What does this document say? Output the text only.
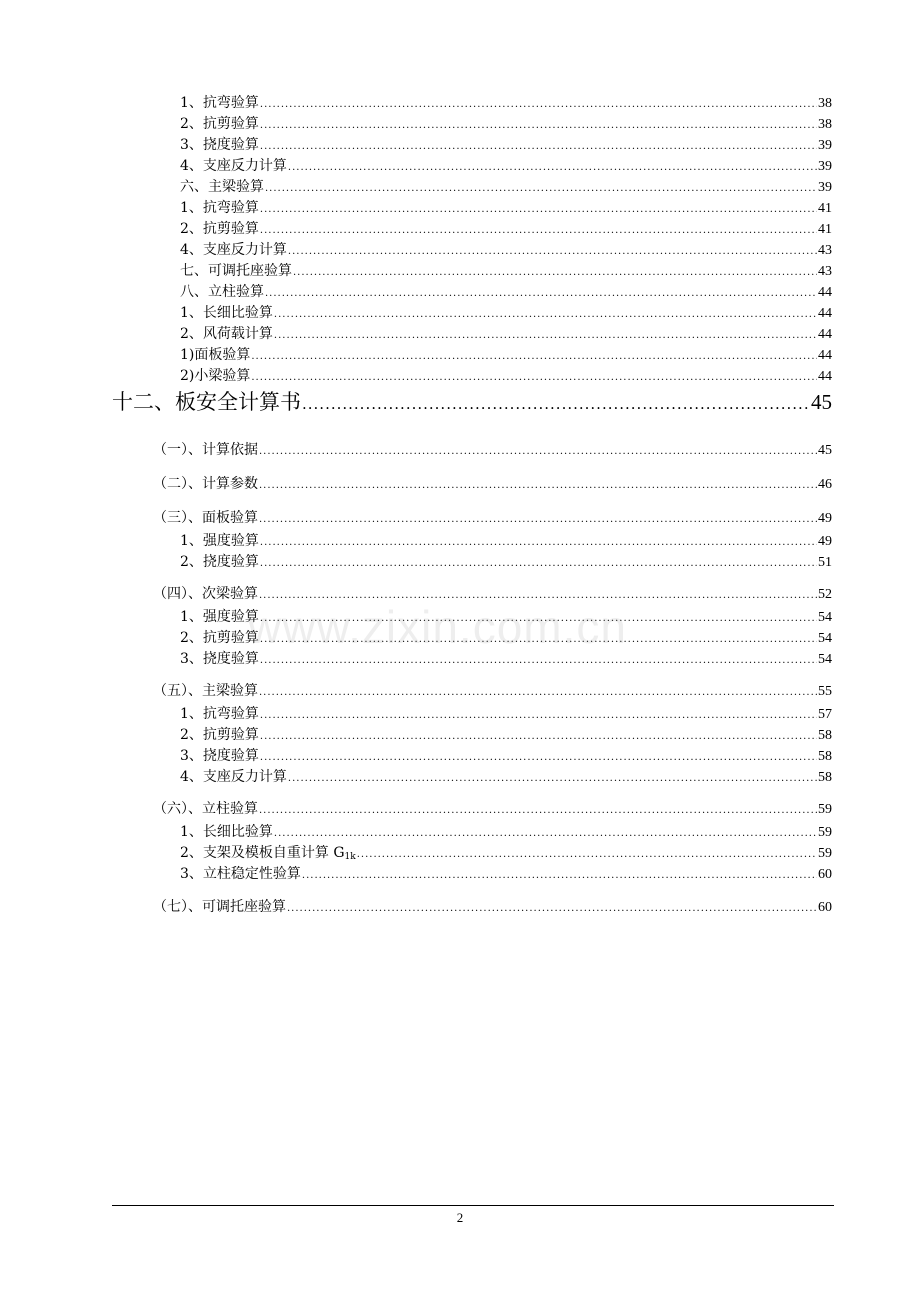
1、抗弯验算 .....	38
2、抗剪验算 .....	38
3、挠度验算 .....	39
4、支座反力计算 .....	39
六、主梁验算 .....	39
1、抗弯验算 .....	41
2、抗剪验算 .....	41
4、支座反力计算 .....	43
七、可调托座验算 .....	43
八、立柱验算 .....	44
1、长细比验算 .....	44
2、风荷载计算 .....	44
1)面板验算 .....	44
2)小梁验算 .....	44
十二、板安全计算书 .....	45
（一）、计算依据 .....	45
（二）、计算参数 .....	46
（三）、面板验算 .....	49
1、强度验算 .....	49
2、挠度验算 .....	51
（四）、次梁验算 .....	52
1、强度验算 .....	54
2、抗剪验算 .....	54
3、挠度验算 .....	54
（五）、主梁验算 .....	55
1、抗弯验算 .....	57
2、抗剪验算 .....	58
3、挠度验算 .....	58
4、支座反力计算 .....	58
（六）、立柱验算 .....	59
1、长细比验算 .....	59
2、支架及模板自重计算 $G_{1k}$ .....	59
3、立柱稳定性验算 .....	60
（七）、可调托座验算 .....	60
www.zixin.com.cn
2
